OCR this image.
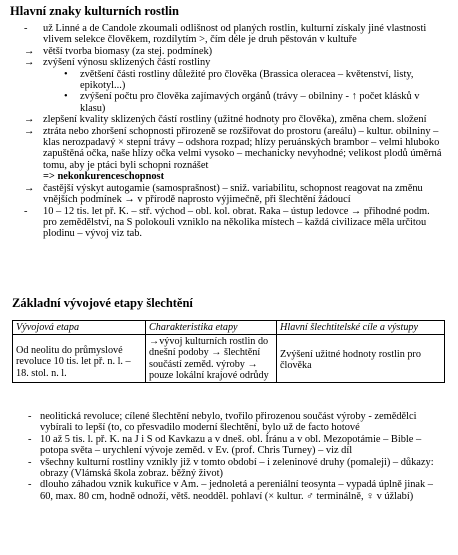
Hlavní znaky kulturních rostlin
-	už Linné a de Candole zkoumali odlišnost od planých rostlin, kulturní získaly jiné vlastnosti vlivem selekce člověkem, rozdílytím >, čím déle je druh pěstován v kultuře
→ větší tvorba biomasy (za stej. podmínek)
→ zvýšení výnosu sklizených částí rostliny
•	zvětšení části rostliny důležité pro člověka (Brassica oleracea – květenství, listy, epikotyl...)
•	zvýšení počtu pro člověka zajímavých orgánů (trávy – obilniny - ↑ počet klásků v klasu)
→ zlepšení kvality sklizených částí rostliny (užitné hodnoty pro člověka), změna chem. složení
→ ztráta nebo zhoršení schopnosti přirozeně se rozšiřovat do prostoru (areálu) – kultur. obilniny – klas nerozpadavý × stepní trávy – odshora rozpad; hlízy peruánských brambor – velmi hluboko zapuštěná očka, naše hlízy očka velmi vysoko – mechanicky nevyhodné; velikost plodů úměrná tomu, aby je ptáci byli schopni roznášet
=> nekonkurenceschopnost
→ častější výskyt autogamie (samosprašnost) – sniž. variabilitu, schopnost reagovat na změnu vnějších podmínek → v přírodě naprosto výjimečně, při šlechtění žádoucí
-	10 – 12 tis. let př. K. – stř. východ – obl. kol. obrat. Raka – ústup ledovce → přihodné podm. pro zemědělství, na S polokouli vzniklo na několika místech – každá civilizace měla určitou plodinu – vývoj viz tab.
Základní vývojové etapy šlechtění
Vývojová etapa	Charakteristika etapy	Hlavní šlechtitelské cíle a výstupy
Od neolitu do průmyslové revoluce 10 tis. let př. n. l. – 18. stol. n. l.	→vývoj kulturních rostlin do dnešní podoby → šlechtění součástí zeměd. výroby → pouze lokální krajové odrůdy	Zvýšení užitné hodnoty rostlin pro člověka
- neolitická revoluce; cílené šlechtění nebylo, tvořilo přirozenou součást výroby - zemědělci vybírali to lepší (to, co přesvadilo moderní šlechtění, bylo už de facto hotové
- 10 až 5 tis. l. př. K. na J i S od Kavkazu a v dneš. obl. Íránu a v obl. Mezopotámie – Bible – potopa světa – urychlení vývoje zeměd. v Ev. (prof. Chris Turney) – viz díl
- všechny kulturní rostliny vznikly již v tomto období – i zeleninové druhy (pomaleji) – důkazy: obrazy (Vlámská škola zobraz. běžný život)
- dlouho záhadou vznik kukuřice v Am. – jednoletá a pereniální teosynta – vypadá úplně jinak – 60, max. 80 cm, hodně odnoží, větš. neoddĕl. pohlaví (× kultur. ♂ terminálně, ♀ v úžlabí)
